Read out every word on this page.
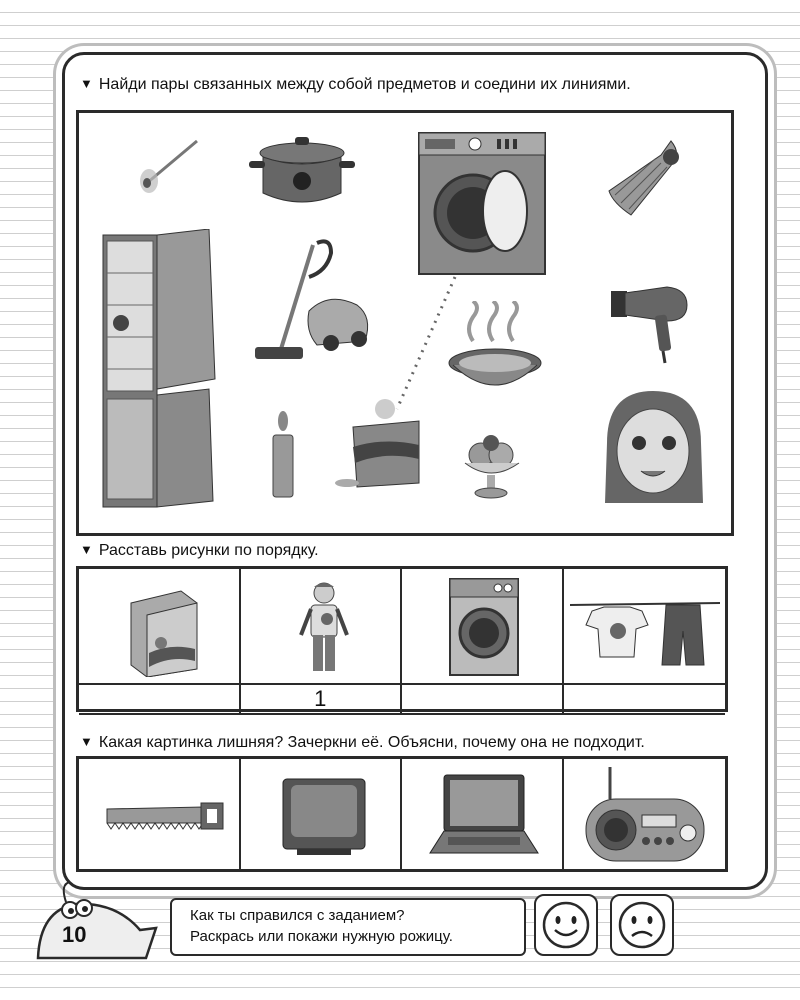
▼ Найди пары связанных между собой предметов и соедини их линиями.
▼ Расставь рисунки по порядку.
1
▼ Какая картинка лишняя? Зачеркни её. Объясни, почему она не подходит.
10
Как ты справился с заданием?
Раскрась или покажи нужную рожицу.
